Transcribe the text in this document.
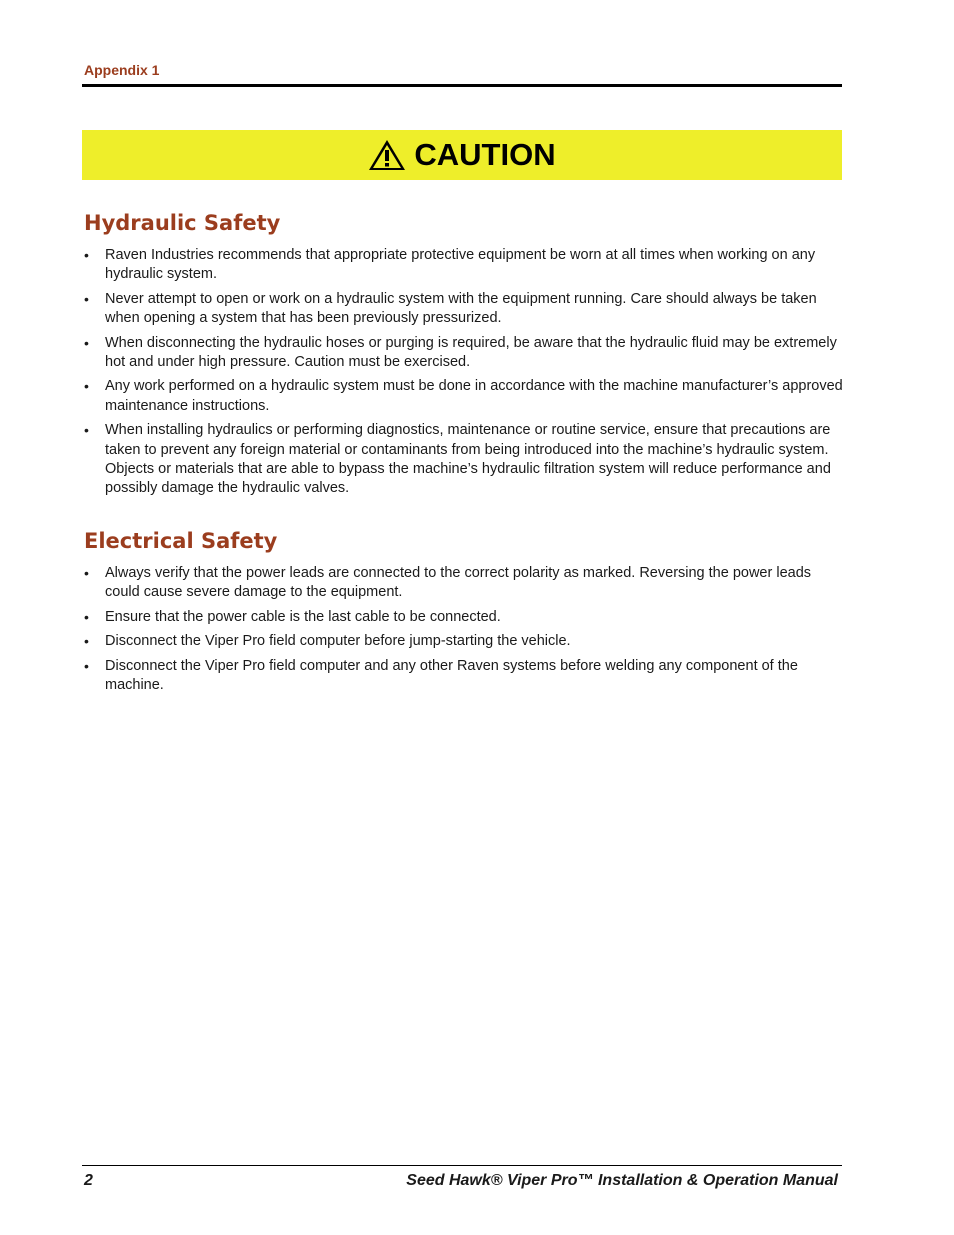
Appendix 1
CAUTION
Hydraulic Safety
• Raven Industries recommends that appropriate protective equipment be worn at all times when working on any hydraulic system.
• Never attempt to open or work on a hydraulic system with the equipment running. Care should always be taken when opening a system that has been previously pressurized.
• When disconnecting the hydraulic hoses or purging is required, be aware that the hydraulic fluid may be extremely hot and under high pressure. Caution must be exercised.
• Any work performed on a hydraulic system must be done in accordance with the machine manufacturer’s approved maintenance instructions.
• When installing hydraulics or performing diagnostics, maintenance or routine service, ensure that precautions are taken to prevent any foreign material or contaminants from being introduced into the machine’s hydraulic system. Objects or materials that are able to bypass the machine’s hydraulic filtration system will reduce performance and possibly damage the hydraulic valves.
Electrical Safety
• Always verify that the power leads are connected to the correct polarity as marked. Reversing the power leads could cause severe damage to the equipment.
• Ensure that the power cable is the last cable to be connected.
• Disconnect the Viper Pro field computer before jump-starting the vehicle.
• Disconnect the Viper Pro field computer and any other Raven systems before welding any component of the machine.
2	Seed Hawk® Viper Pro™ Installation & Operation Manual
